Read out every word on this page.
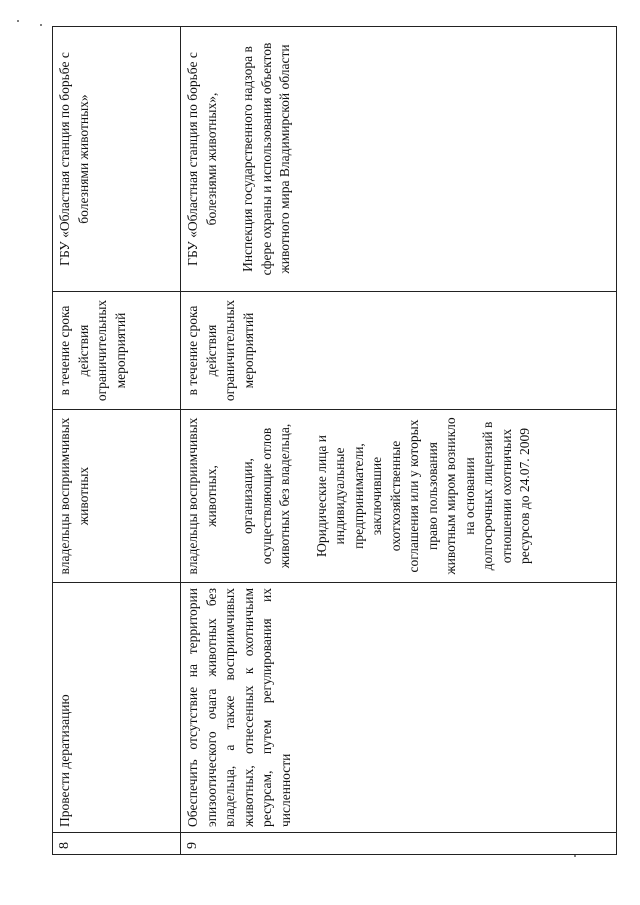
8	Провести дератизацию	владельцы восприимчивых животных	в течение срока действия ограничительных мероприятий	ГБУ «Областная станция по борьбе с болезнями животных»

9	Обеспечить отсутствие на территории эпизоотического очага животных без владельца, а также восприимчивых животных, отнесенных к охотничьим ресурсам, путем регулирования их численности	владельцы восприимчивых животных, организации, осуществляющие отлов животных без владельца, Юридические лица и индивидуальные предприниматели, заключившие охотхозяйственные соглашения или у которых право пользования животным миром возникло на основании долгосрочных лицензий в отношении охотничьих ресурсов до 24.07. 2009	в течение срока действия ограничительных мероприятий	ГБУ «Областная станция по борьбе с болезнями животных», Инспекция государственного надзора в сфере охраны и использования объектов животного мира Владимирской области
